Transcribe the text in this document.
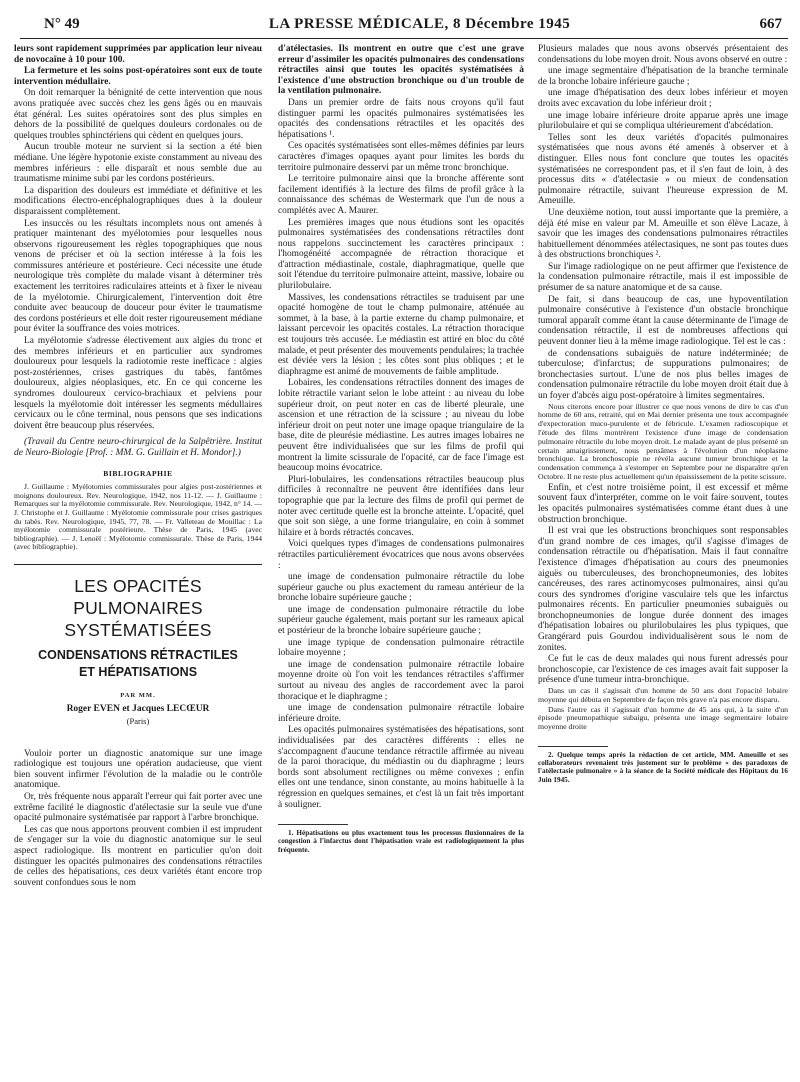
N° 49	LA PRESSE MÉDICALE, 8 Décembre 1945	667

leurs sont rapidement supprimées par application leur niveau de novocaïne à 10 pour 100.

La fermeture et les soins post-opératoires sont eux de toute intervention médullaire.

On doit remarquer la bénignité de cette intervention que nous avons pratiquée avec succès chez les gens âgés ou en mauvais état général. Les suites opératoires sont des plus simples en dehors de la possibilité de quelques douleurs cordonales ou de quelques troubles sphinctériens qui cèdent en quelques jours.

Aucun trouble moteur ne survient si la section a été bien médiane. Une légère hypotonie existe constamment au niveau des membres inférieurs : elle disparaît et nous semble due au traumatisme minime subi par les cordons postérieurs.

La disparition des douleurs est immédiate et définitive et les modifications électro-encéphalographiques dues à la douleur disparaissent complètement.

Les insuccès ou les résultats incomplets nous ont amenés à pratiquer maintenant des myélotomies pour lesquelles nous observons rigoureusement les règles topographiques que nous venons de préciser et où la section intéresse à la fois les commissures antérieure et postérieure. Ceci nécessite une étude neurologique très complète du malade visant à déterminer très exactement les territoires radiculaires atteints et à fixer le niveau de la myélotomie. Chirurgicalement, l'intervention doit être conduite avec beaucoup de douceur pour éviter le traumatisme des cordons postérieurs et elle doit rester rigoureusement médiane pour éviter la souffrance des voies motrices.

La myélotomie s'adresse électivement aux algies du tronc et des membres inférieurs et en particulier aux syndromes douloureux pour lesquels la radiotomie reste inefficace : algies post-zostériennes, crises gastriques du tabès, fantômes douloureux, algies néoplasiques, etc. En ce qui concerne les syndromes douloureux cervico-brachiaux et pelviens pour lesquels la myélotomie doit intéresser les segments médullaires cervicaux ou le cône terminal, nous pensons que ses indications doivent être beaucoup plus réservées.

(Travail du Centre neuro-chirurgical de la Salpêtrière. Institut de Neuro-Biologie [Prof. : MM. G. Guillain et H. Mondor].)

BIBLIOGRAPHIE

J. Guillaume : Myélotomies commissurales pour algies post-zostériennes et moignons douloureux. Rev. Neurologique, 1942, nos 11-12. — J. Guillaume : Remarques sur la myélotomie commissurale. Rev. Neurologique, 1942, n° 14. — J. Christophe et J. Guillaume : Myélotomie commissurale pour crises gastriques du tabès. Rev. Neurologique, 1945, 77, 78. — Fr. Valleteau de Mouillac : La myélotomie commissurale postérieure. Thèse de Paris, 1945 (avec bibliographie). — J. Lenoël : Myélotomie commissurale. Thèse de Paris, 1944 (avec bibliographie).

LES OPACITÉS PULMONAIRES
SYSTÉMATISÉES
CONDENSATIONS RÉTRACTILES
ET HÉPATISATIONS
PAR MM.
Roger EVEN et Jacques LECŒUR
(Paris)

Vouloir porter un diagnostic anatomique sur une image radiologique est toujours une opération audacieuse, que vient bien souvent infirmer l'évolution de la maladie ou le contrôle anatomique.

Or, très fréquente nous apparaît l'erreur qui fait porter avec une extrême facilité le diagnostic d'atélectasie sur la seule vue d'une opacité pulmonaire systématisée par rapport à l'arbre bronchique.

Les cas que nous apportons prouvent combien il est imprudent de s'engager sur la voie du diagnostic anatomique sur le seul aspect radiologique. Ils montrent en particulier qu'on doit distinguer les opacités pulmonaires des condensations rétractiles de celles des hépatisations, ces deux variétés étant encore trop souvent confondues sous le nom

d'atélectasies. Ils montrent en outre que c'est une grave erreur d'assimiler les opacités pulmonaires des condensations rétractiles ainsi que toutes les opacités systématisées à l'existence d'une obstruction bronchique ou d'un trouble de la ventilation pulmonaire.

Dans un premier ordre de faits nous croyons qu'il faut distinguer parmi les opacités pulmonaires systématisées les opacités des condensations rétractiles et les opacités des hépatisations ¹.

Ces opacités systématisées sont elles-mêmes définies par leurs caractères d'images opaques ayant pour limites les bords du territoire pulmonaire desservi par un même tronc bronchique.

Le territoire pulmonaire ainsi que la bronche afférente sont facilement identifiés à la lecture des films de profil grâce à la connaissance des schémas de Westermark que l'un de nous a complétés avec A. Maurer.

Les premières images que nous étudions sont les opacités pulmonaires systématisées des condensations rétractiles dont nous rappelons succinctement les caractères principaux : l'homogénéité accompagnée de rétraction thoracique et d'attraction médiastinale, costale, diaphragmatique, quelle que soit l'étendue du territoire pulmonaire atteint, massive, lobaire ou plurilobulaire.

Massives, les condensations rétractiles se traduisent par une opacité homogène de tout le champ pulmonaire, atténuée au sommet, à la base, à la partie externe du champ pulmonaire, et laissant percevoir les opacités costales. La rétraction thoracique est toujours très accusée. Le médiastin est attiré en bloc du côté malade, et peut présenter des mouvements pendulaires; la trachée est déviée vers la lésion ; les côtes sont plus obliques ; et le diaphragme est animé de mouvements de faible amplitude.

Lobaires, les condensations rétractiles donnent des images de lobite rétractile variant selon le lobe atteint : au niveau du lobe supérieur droit, on peut noter en cas de liberté pleurale, une ascension et une rétraction de la scissure ; au niveau du lobe inférieur droit on peut noter une image opaque triangulaire de la base, dite de pleurésie médiastine. Les autres images lobaires ne peuvent être individualisées que sur les films de profil qui montrent la limite scissurale de l'opacité, car de face l'image est beaucoup moins évocatrice.

Pluri-lobulaires, les condensations rétractiles beaucoup plus difficiles à reconnaître ne peuvent être identifiées dans leur topographie que par la lecture des films de profil qui permet de noter avec certitude quelle est la bronche atteinte. L'opacité, quel que soit son siège, a une forme triangulaire, en coin à sommet hilaire et à bords rétractés concaves.

Voici quelques types d'images de condensations pulmonaires rétractiles particulièrement évocatrices que nous avons observées :

une image de condensation pulmonaire rétractile du lobe supérieur gauche ou plus exactement du rameau antérieur de la bronche lobaire supérieure gauche ;

une image de condensation pulmonaire rétractile du lobe supérieur gauche également, mais portant sur les rameaux apical et postérieur de la bronche lobaire supérieure gauche ;

une image typique de condensation pulmonaire rétractile lobaire moyenne ;

une image de condensation pulmonaire rétractile lobaire moyenne droite où l'on voit les tendances rétractiles s'affirmer surtout au niveau des angles de raccordement avec la paroi thoracique et le diaphragme ;

une image de condensation pulmonaire rétractile lobaire inférieure droite.

Les opacités pulmonaires systématisées des hépatisations, sont individualisées par des caractères différents : elles ne s'accompagnent d'aucune tendance rétractile affirmée au niveau de la paroi thoracique, du médiastin ou du diaphragme ; leurs bords sont absolument rectilignes ou même convexes ; enfin elles ont une tendance, sinon constante, au moins habituelle à la régression en quelques semaines, et c'est là un fait très important à souligner.

1. Hépatisations ou plus exactement tous les processus fluxionnaires de la congestion à l'infarctus dont l'hépatisation vraie est radiologiquement la plus fréquente.

Plusieurs malades que nous avons observés présentaient des condensations du lobe moyen droit. Nous avons observé en outre :

une image segmentaire d'hépatisation de la branche terminale de la bronche lobaire inférieure gauche ;

une image d'hépatisation des deux lobes inférieur et moyen droits avec excavation du lobe inférieur droit ;

une image lobaire inférieure droite apparue après une image plurilobulaire et qui se compliqua ultérieurement d'abcédation.

Telles sont les deux variétés d'opacités pulmonaires systématisées que nous avons été amenés à observer et à distinguer. Elles nous font conclure que toutes les opacités systématisées ne correspondent pas, et il s'en faut de loin, à des processus dits « d'atélectasie » ou mieux de condensation pulmonaire rétractile, suivant l'heureuse expression de M. Ameuille.

Une deuxième notion, tout aussi importante que la première, a déjà été mise en valeur par M. Ameuille et son élève Lacaze, à savoir que les images des condensations pulmonaires rétractiles habituellement dénommées atélectasiques, ne sont pas toutes dues à des obstructions bronchiques ².

Sur l'image radiologique on ne peut affirmer que l'existence de la condensation pulmonaire rétractile, mais il est impossible de présumer de sa nature anatomique et de sa cause.

De fait, si dans beaucoup de cas, une hypoventilation pulmonaire consécutive à l'existence d'un obstacle bronchique tumoral apparaît comme étant la cause déterminante de l'image de condensation rétractile, il est de nombreuses affections qui peuvent donner lieu à la même image radiologique. Tel est le cas :

de condensations subaiguës de nature indéterminée; de tuberculose; d'infarctus; de suppurations pulmonaires; de bronchectasies surtout. L'une de nos plus belles images de condensation pulmonaire rétractile du lobe moyen droit était due à un foyer d'abcès aigu post-opératoire à limites segmentaires.

Nous citerons encore pour illustrer ce que nous venons de dire le cas d'un homme de 60 ans, retraité, qui en Mai dernier présenta une toux accompagnée d'expectoration muco-purulente et de fébricule. L'examen radioscopique et l'étude des films montrèrent l'existence d'une image de condensation pulmonaire rétractile du lobe moyen droit. Le malade ayant de plus présenté un certain amaigrissement, nous pensâmes à l'évolution d'un néoplasme bronchique. La bronchoscopie ne révéla aucune tumeur bronchique et la condensation commença à s'estomper en Septembre pour ne disparaître qu'en Octobre. Il ne reste plus actuellement qu'un épaississement de la petite scissure.

Enfin, et c'est notre troisième point, il est excessif et même souvent faux d'interpréter, comme on le voit faire souvent, toutes les opacités pulmonaires systématisées comme étant dues à une obstruction bronchique.

Il est vrai que les obstructions bronchiques sont responsables d'un grand nombre de ces images, qu'il s'agisse d'images de condensation rétractile ou d'hépatisation. Mais il faut connaître l'existence d'images d'hépatisation au cours des pneumonies aiguës ou tuberculeuses, des bronchopneumonies, des lobites cancéreuses, des rares actinomycoses pulmonaires, ainsi qu'au cours des syndromes d'origine vasculaire tels que les infarctus pulmonaires récents. En particulier pneumonies subaiguës ou bronchopneumonies de longue durée donnent des images d'hépatisation lobaires ou plurilobulaires les plus typiques, que Grangérard puis Gourdou individualisèrent sous le nom de zonites.

Ce fut le cas de deux malades qui nous furent adressés pour bronchoscopie, car l'existence de ces images avait fait supposer la présence d'une tumeur intra-bronchique.

Dans un cas il s'agissait d'un homme de 50 ans dont l'opacité lobaire moyenne qui débuta en Septembre de façon très grave n'a pas encore disparu.

Dans l'autre cas il s'agissait d'un homme de 45 ans qui, à la suite d'un épisode pneumopathique subaigu, présenta une image segmentaire lobaire moyenne droite

2. Quelque temps après la rédaction de cet article, MM. Ameuille et ses collaborateurs revenaient très justement sur le problème « des paradoxes de l'atélectasie pulmonaire » à la séance de la Société médicale des Hôpitaux du 16 Juin 1945.
